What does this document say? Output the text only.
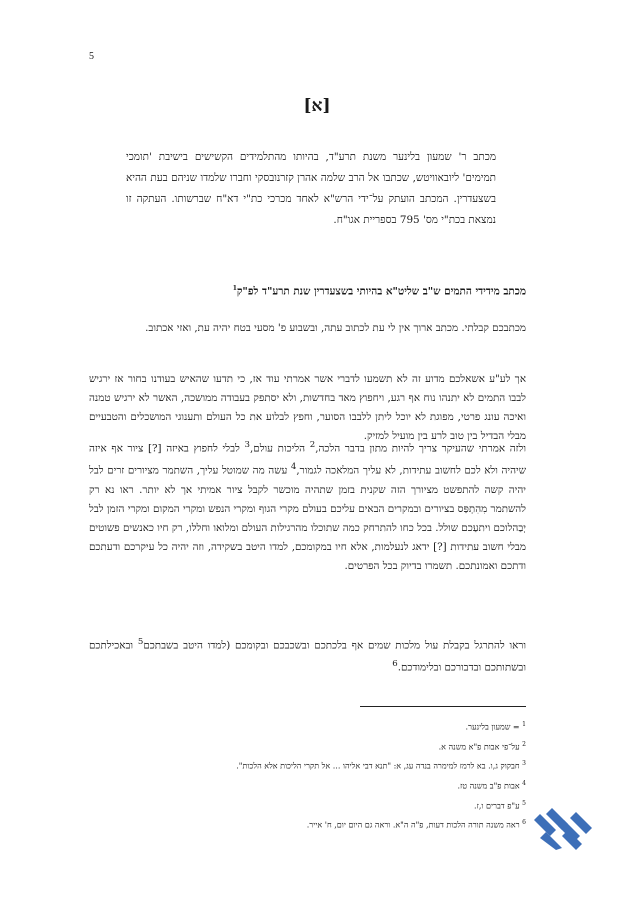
5
[א]
מכתב ר' שמעון בלינער משנת תרע"ד, בהיותו מהתלמידים הקשישים בישיבת 'תומכי תמימים' ליובאוויטש, שכתבו אל הרב שלמה אהרן קזרנובסקי וחברו שלמדו שניהם בעת ההיא בשצעדרין. המכתב הועתק על־ידי הרש"א לאחד מכרכי כת"י דא"ח שברשותו. העתקה זו נמצאת בכת"י מס' 795 בספריית אגו"ח.
מכתב מידידי התמים ש"ב שליט"א בהיותי בשצעדרין שנת תרע"ד לפ"ק$^1$
מכתבכם קבלתי. מכתב ארוך אין לי עת לכתוב עתה, ובשבוע פ' מסעי בטח יהיה עת, ואזי אכתוב.
אך לע"ע אשאלכם מדוע זה לא תשמעו לדברי אשר אמרתי עוד אז, כי תדעו שהאיש בעודנו בחור אז ירגיש לבבו התמים לא יתנהו נוח אף רגע, ויחפוץ מאד בחדשות, ולא יסתפק בעבודה ממושכה, האשר לא ירגיש טמנה ואיכה עונג פרטי, מפוגת לא יוכל ליתן ללבבו הסוער, וחפץ לבלוע את כל העולם ותענוגי המושכלים והטבעיים מבלי הבדיל בין טוב לרע בין מועיל למזיק.
ולזה אמרתי שהעיקר צריך להיות מתון בדבר הלכה,$^2$ הליכות עולם,$^3$ לבלי לחפוץ באיזה [?] ציור אף איזה שיהיה ולא לכם לחשוב עתידות, לא עליך המלאכה לגמור,$^4$ עשה מה שמוטל עליך, השתמר מציורים זרים לבל יהיה קשה להתפשט מציורך הזה שקנית בזמן שתהיה מוכשר לקבל ציור אמיתי אך לא יותר. ראו נא רק להשתמר מִהִתְפַּס בציורים ובמקרים הבאים עליכם בעולם מקרי הגוף ומקרי הנפש ומקרי המקום ומקרי הזמן לבל יְבַהלוכם ויתעַכם שולל. בכל כחו להתרחק כמה שתוכלו מהרגילות העולם ומלואו וחללו, רק חיו כאנשים פשוטים מבלי חשוב עתידות [?] ידאג לנעלמות, אלא חיו במקומכם, למדו היטב בשקידה, וזה יהיה כל עיקרכם ודעתכם ודתכם ואמונתכם. תשמרו בדיוק בכל הפרטים.
וראו להתרגל בקבלת עול מלכות שמים אף בלכתכם ובשכבכם ובקומכם (למדו היטב בשבתכם$^5$ ובאכילתכם ובשתותכם ובדבורכם ובלימודכם.$^6$
$^1$ = שמעון בלינער.
$^2$ על־פי אבות פ"א משנה א.
$^3$ חבקוק ג,ו. בא לרמז למימרה בנדה עג, א: "תנא דבי אליהו ... אל תקרי הליכות אלא הלכות".
$^4$ אבות פ"ב משנה טז.
$^5$ ע"פ דברים ו,ז.
$^6$ ראה משנה תורה הלכות דעות, פ"ה ה"א. וראה גם היום יום, ח' אייר.
